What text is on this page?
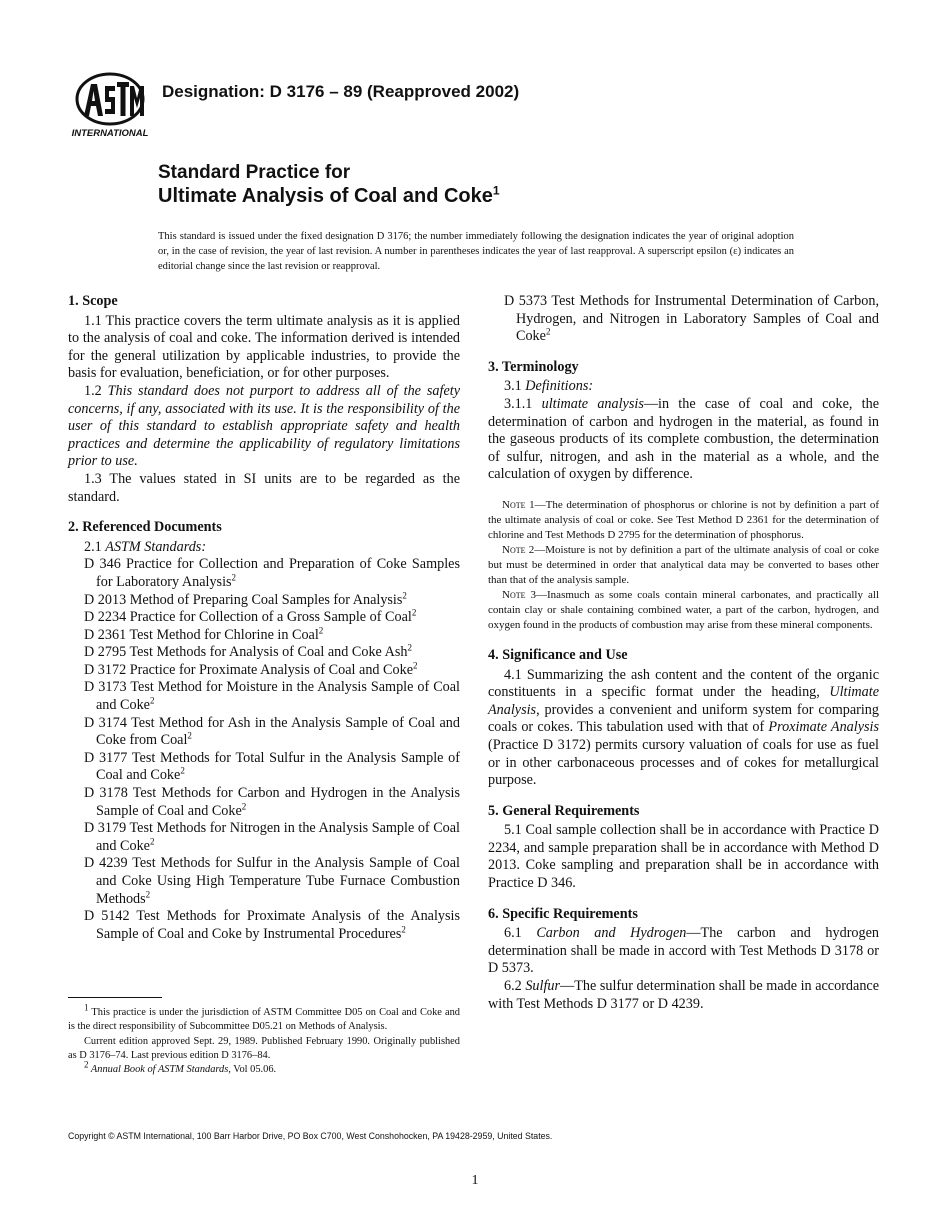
INTERNATIONAL
Designation: D 3176 – 89 (Reapproved 2002)
Standard Practice for
Ultimate Analysis of Coal and Coke$^1$
This standard is issued under the fixed designation D 3176; the number immediately following the designation indicates the year of original adoption or, in the case of revision, the year of last revision. A number in parentheses indicates the year of last reapproval. A superscript epsilon (ε) indicates an editorial change since the last revision or reapproval.
1. Scope

1.1 This practice covers the term ultimate analysis as it is applied to the analysis of coal and coke. The information derived is intended for the general utilization by applicable industries, to provide the basis for evaluation, beneficiation, or for other purposes.

1.2 This standard does not purport to address all of the safety concerns, if any, associated with its use. It is the responsibility of the user of this standard to establish appropriate safety and health practices and determine the applicability of regulatory limitations prior to use.

1.3 The values stated in SI units are to be regarded as the standard.

2. Referenced Documents

2.1 ASTM Standards:

D 346 Practice for Collection and Preparation of Coke Samples for Laboratory Analysis$^2$

D 2013 Method of Preparing Coal Samples for Analysis$^2$

D 2234 Practice for Collection of a Gross Sample of Coal$^2$

D 2361 Test Method for Chlorine in Coal$^2$

D 2795 Test Methods for Analysis of Coal and Coke Ash$^2$

D 3172 Practice for Proximate Analysis of Coal and Coke$^2$

D 3173 Test Method for Moisture in the Analysis Sample of Coal and Coke$^2$

D 3174 Test Method for Ash in the Analysis Sample of Coal and Coke from Coal$^2$

D 3177 Test Methods for Total Sulfur in the Analysis Sample of Coal and Coke$^2$

D 3178 Test Methods for Carbon and Hydrogen in the Analysis Sample of Coal and Coke$^2$

D 3179 Test Methods for Nitrogen in the Analysis Sample of Coal and Coke$^2$

D 4239 Test Methods for Sulfur in the Analysis Sample of Coal and Coke Using High Temperature Tube Furnace Combustion Methods$^2$

D 5142 Test Methods for Proximate Analysis of the Analysis Sample of Coal and Coke by Instrumental Procedures$^2$

D 5373 Test Methods for Instrumental Determination of Carbon, Hydrogen, and Nitrogen in Laboratory Samples of Coal and Coke$^2$

3. Terminology

3.1 Definitions:

3.1.1 ultimate analysis—in the case of coal and coke, the determination of carbon and hydrogen in the material, as found in the gaseous products of its complete combustion, the determination of sulfur, nitrogen, and ash in the material as a whole, and the calculation of oxygen by difference.

Note 1—The determination of phosphorus or chlorine is not by definition a part of the ultimate analysis of coal or coke. See Test Method D 2361 for the determination of chlorine and Test Methods D 2795 for the determination of phosphorus.

Note 2—Moisture is not by definition a part of the ultimate analysis of coal or coke but must be determined in order that analytical data may be converted to bases other than that of the analysis sample.

Note 3—Inasmuch as some coals contain mineral carbonates, and practically all contain clay or shale containing combined water, a part of the carbon, hydrogen, and oxygen found in the products of combustion may arise from these mineral components.

4. Significance and Use

4.1 Summarizing the ash content and the content of the organic constituents in a specific format under the heading, Ultimate Analysis, provides a convenient and uniform system for comparing coals or cokes. This tabulation used with that of Proximate Analysis (Practice D 3172) permits cursory valuation of coals for use as fuel or in other carbonaceous processes and of cokes for metallurgical purpose.

5. General Requirements

5.1 Coal sample collection shall be in accordance with Practice D 2234, and sample preparation shall be in accordance with Method D 2013. Coke sampling and preparation shall be in accordance with Practice D 346.

6. Specific Requirements

6.1 Carbon and Hydrogen—The carbon and hydrogen determination shall be made in accord with Test Methods D 3178 or D 5373.

6.2 Sulfur—The sulfur determination shall be made in accordance with Test Methods D 3177 or D 4239.

$^1$ This practice is under the jurisdiction of ASTM Committee D05 on Coal and Coke and is the direct responsibility of Subcommittee D05.21 on Methods of Analysis.

Current edition approved Sept. 29, 1989. Published February 1990. Originally published as D 3176–74. Last previous edition D 3176–84.

$^2$ Annual Book of ASTM Standards, Vol 05.06.

Copyright © ASTM International, 100 Barr Harbor Drive, PO Box C700, West Conshohocken, PA 19428-2959, United States.
1
